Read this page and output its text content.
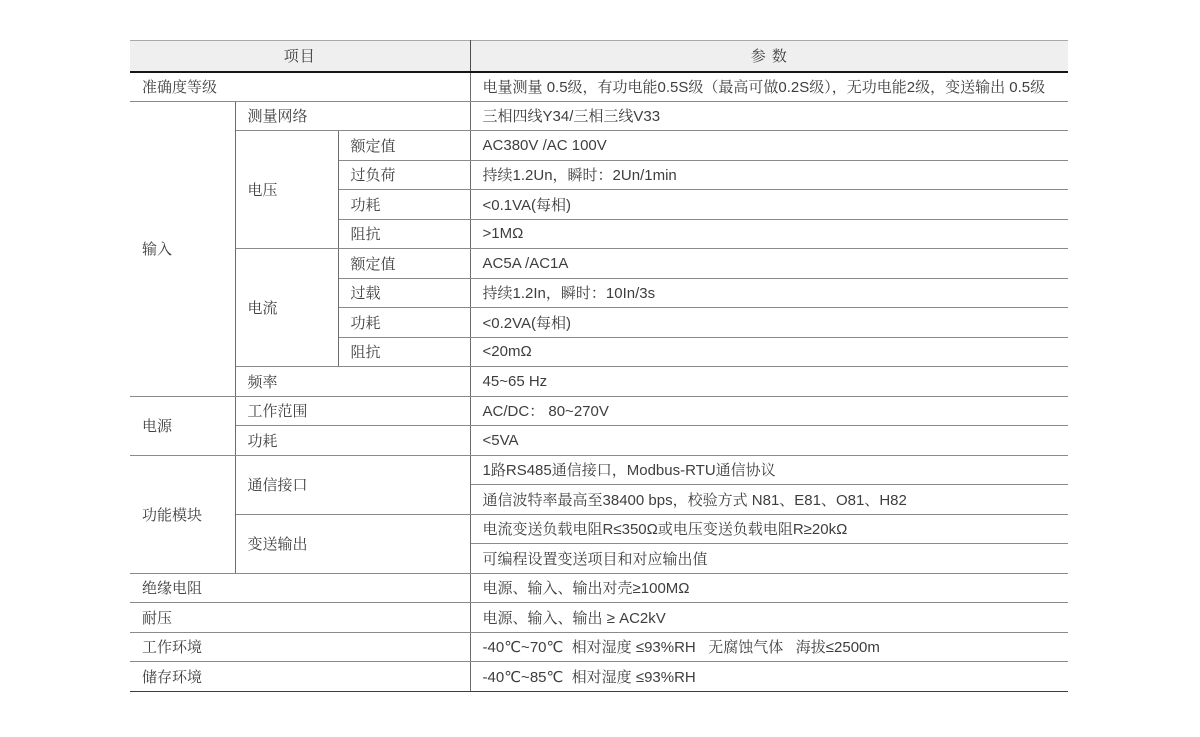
项目			参 数
准确度等级			电量测量 0.5级，有功电能0.5S级（最高可做0.2S级），无功电能2级，变送输出 0.5级
输入	测量网络		三相四线Y34/三相三线V33
	电压	额定值	AC380V /AC 100V
		过负荷	持续1.2Un，瞬时：2Un/1min
		功耗	<0.1VA(每相)
		阻抗	>1MΩ
	电流	额定值	AC5A /AC1A
		过载	持续1.2In，瞬时：10In/3s
		功耗	<0.2VA(每相)
		阻抗	<20mΩ
	频率		45~65 Hz
电源	工作范围		AC/DC： 80~270V
	功耗		<5VA
功能模块	通信接口		1路RS485通信接口，Modbus-RTU通信协议
			通信波特率最高至38400 bps，校验方式 N81、E81、O81、H82
	变送输出		电流变送负载电阻R≤350Ω或电压变送负载电阻R≥20kΩ
			可编程设置变送项目和对应输出值
绝缘电阻			电源、输入、输出对壳≥100MΩ
耐压			电源、输入、输出 ≥ AC2kV
工作环境			-40℃~70℃  相对湿度 ≤93%RH   无腐蚀气体   海拔≤2500m
储存环境			-40℃~85℃  相对湿度 ≤93%RH
